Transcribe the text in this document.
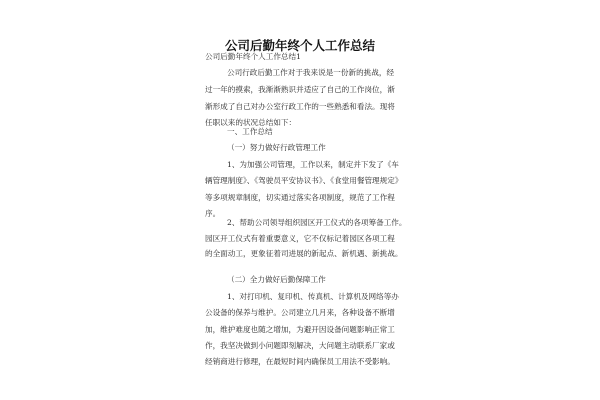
公司后勤年终个人工作总结
公司后勤年终个人工作总结1
公司行政后勤工作对于我来说是一份新的挑战，经
过一年的摸索，我渐渐熟识并适应了自己的工作岗位，渐
渐形成了自己对办公室行政工作的一些熟悉和看法。现将
任职以来的状况总结如下：
一、工作总结
（一）努力做好行政管理工作
1、为加强公司管理，工作以来，制定并下发了《车
辆管理制度》、《驾驶员平安协议书》、《食堂用餐管理规定》
等多项规章制度，切实通过落实各项制度，规范了工作程
序。
2、帮助公司领导组织园区开工仪式的各项筹备工作。
园区开工仪式有着重要意义，它不仅标记着园区各项工程
的全面动工，更象征着司进展的新起点、新机遇、新挑战。
（二）全力做好后勤保障工作
1、对打印机、复印机、传真机、计算机及网络等办
公设备的保养与维护。公司建立几月来，各种设备不断增
加，维护难度也随之增加，为避开因设备问题影响正常工
作，我坚决做到小问题即刻解决，大问题主动联系厂家或
经销商进行修理，在最短时间内确保员工用法不受影响。
